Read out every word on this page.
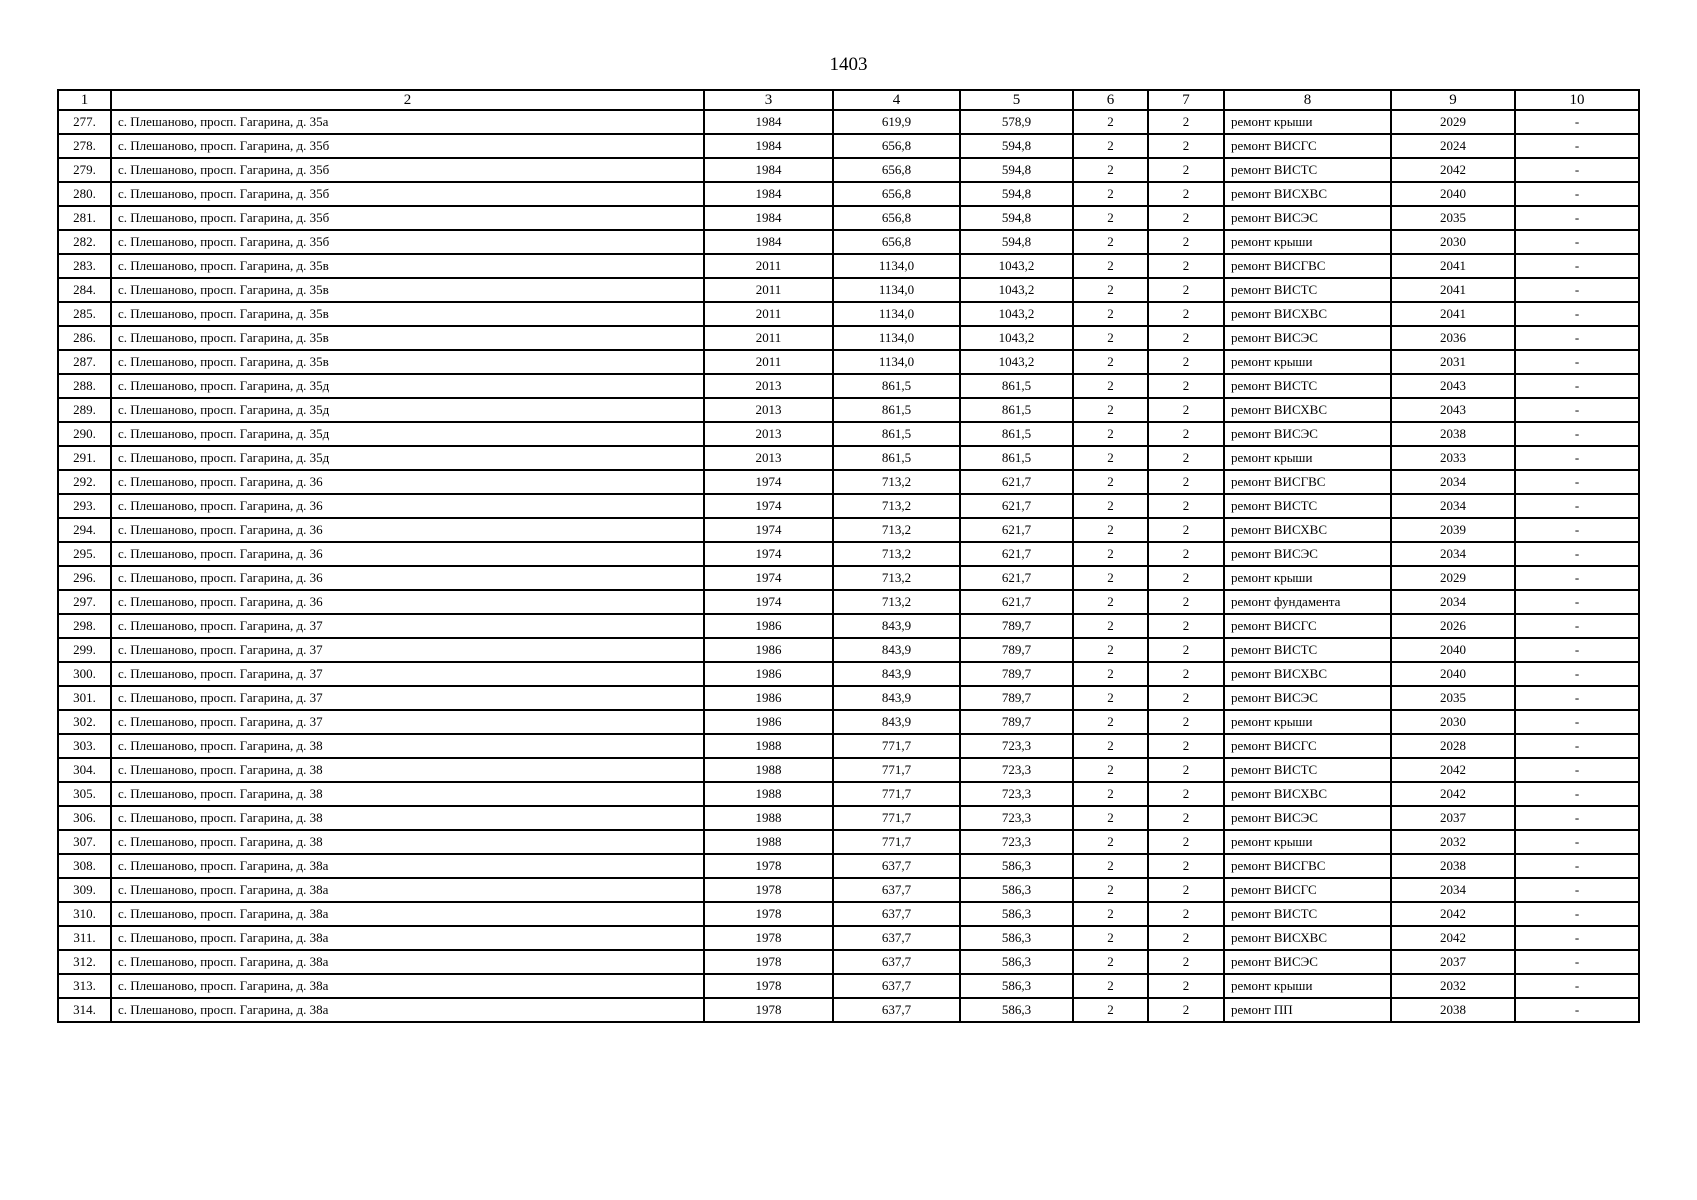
1403
1	2	3	4	5	6	7	8	9	10
277.	с. Плешаново, просп. Гагарина, д. 35а	1984	619,9	578,9	2	2	ремонт крыши	2029	-
278.	с. Плешаново, просп. Гагарина, д. 35б	1984	656,8	594,8	2	2	ремонт ВИСГС	2024	-
279.	с. Плешаново, просп. Гагарина, д. 35б	1984	656,8	594,8	2	2	ремонт ВИСТС	2042	-
280.	с. Плешаново, просп. Гагарина, д. 35б	1984	656,8	594,8	2	2	ремонт ВИСХВС	2040	-
281.	с. Плешаново, просп. Гагарина, д. 35б	1984	656,8	594,8	2	2	ремонт ВИСЭС	2035	-
282.	с. Плешаново, просп. Гагарина, д. 35б	1984	656,8	594,8	2	2	ремонт крыши	2030	-
283.	с. Плешаново, просп. Гагарина, д. 35в	2011	1134,0	1043,2	2	2	ремонт ВИСГВС	2041	-
284.	с. Плешаново, просп. Гагарина, д. 35в	2011	1134,0	1043,2	2	2	ремонт ВИСТС	2041	-
285.	с. Плешаново, просп. Гагарина, д. 35в	2011	1134,0	1043,2	2	2	ремонт ВИСХВС	2041	-
286.	с. Плешаново, просп. Гагарина, д. 35в	2011	1134,0	1043,2	2	2	ремонт ВИСЭС	2036	-
287.	с. Плешаново, просп. Гагарина, д. 35в	2011	1134,0	1043,2	2	2	ремонт крыши	2031	-
288.	с. Плешаново, просп. Гагарина, д. 35д	2013	861,5	861,5	2	2	ремонт ВИСТС	2043	-
289.	с. Плешаново, просп. Гагарина, д. 35д	2013	861,5	861,5	2	2	ремонт ВИСХВС	2043	-
290.	с. Плешаново, просп. Гагарина, д. 35д	2013	861,5	861,5	2	2	ремонт ВИСЭС	2038	-
291.	с. Плешаново, просп. Гагарина, д. 35д	2013	861,5	861,5	2	2	ремонт крыши	2033	-
292.	с. Плешаново, просп. Гагарина, д. 36	1974	713,2	621,7	2	2	ремонт ВИСГВС	2034	-
293.	с. Плешаново, просп. Гагарина, д. 36	1974	713,2	621,7	2	2	ремонт ВИСТС	2034	-
294.	с. Плешаново, просп. Гагарина, д. 36	1974	713,2	621,7	2	2	ремонт ВИСХВС	2039	-
295.	с. Плешаново, просп. Гагарина, д. 36	1974	713,2	621,7	2	2	ремонт ВИСЭС	2034	-
296.	с. Плешаново, просп. Гагарина, д. 36	1974	713,2	621,7	2	2	ремонт крыши	2029	-
297.	с. Плешаново, просп. Гагарина, д. 36	1974	713,2	621,7	2	2	ремонт фундамента	2034	-
298.	с. Плешаново, просп. Гагарина, д. 37	1986	843,9	789,7	2	2	ремонт ВИСГС	2026	-
299.	с. Плешаново, просп. Гагарина, д. 37	1986	843,9	789,7	2	2	ремонт ВИСТС	2040	-
300.	с. Плешаново, просп. Гагарина, д. 37	1986	843,9	789,7	2	2	ремонт ВИСХВС	2040	-
301.	с. Плешаново, просп. Гагарина, д. 37	1986	843,9	789,7	2	2	ремонт ВИСЭС	2035	-
302.	с. Плешаново, просп. Гагарина, д. 37	1986	843,9	789,7	2	2	ремонт крыши	2030	-
303.	с. Плешаново, просп. Гагарина, д. 38	1988	771,7	723,3	2	2	ремонт ВИСГС	2028	-
304.	с. Плешаново, просп. Гагарина, д. 38	1988	771,7	723,3	2	2	ремонт ВИСТС	2042	-
305.	с. Плешаново, просп. Гагарина, д. 38	1988	771,7	723,3	2	2	ремонт ВИСХВС	2042	-
306.	с. Плешаново, просп. Гагарина, д. 38	1988	771,7	723,3	2	2	ремонт ВИСЭС	2037	-
307.	с. Плешаново, просп. Гагарина, д. 38	1988	771,7	723,3	2	2	ремонт крыши	2032	-
308.	с. Плешаново, просп. Гагарина, д. 38а	1978	637,7	586,3	2	2	ремонт ВИСГВС	2038	-
309.	с. Плешаново, просп. Гагарина, д. 38а	1978	637,7	586,3	2	2	ремонт ВИСГС	2034	-
310.	с. Плешаново, просп. Гагарина, д. 38а	1978	637,7	586,3	2	2	ремонт ВИСТС	2042	-
311.	с. Плешаново, просп. Гагарина, д. 38а	1978	637,7	586,3	2	2	ремонт ВИСХВС	2042	-
312.	с. Плешаново, просп. Гагарина, д. 38а	1978	637,7	586,3	2	2	ремонт ВИСЭС	2037	-
313.	с. Плешаново, просп. Гагарина, д. 38а	1978	637,7	586,3	2	2	ремонт крыши	2032	-
314.	с. Плешаново, просп. Гагарина, д. 38а	1978	637,7	586,3	2	2	ремонт ПП	2038	-
